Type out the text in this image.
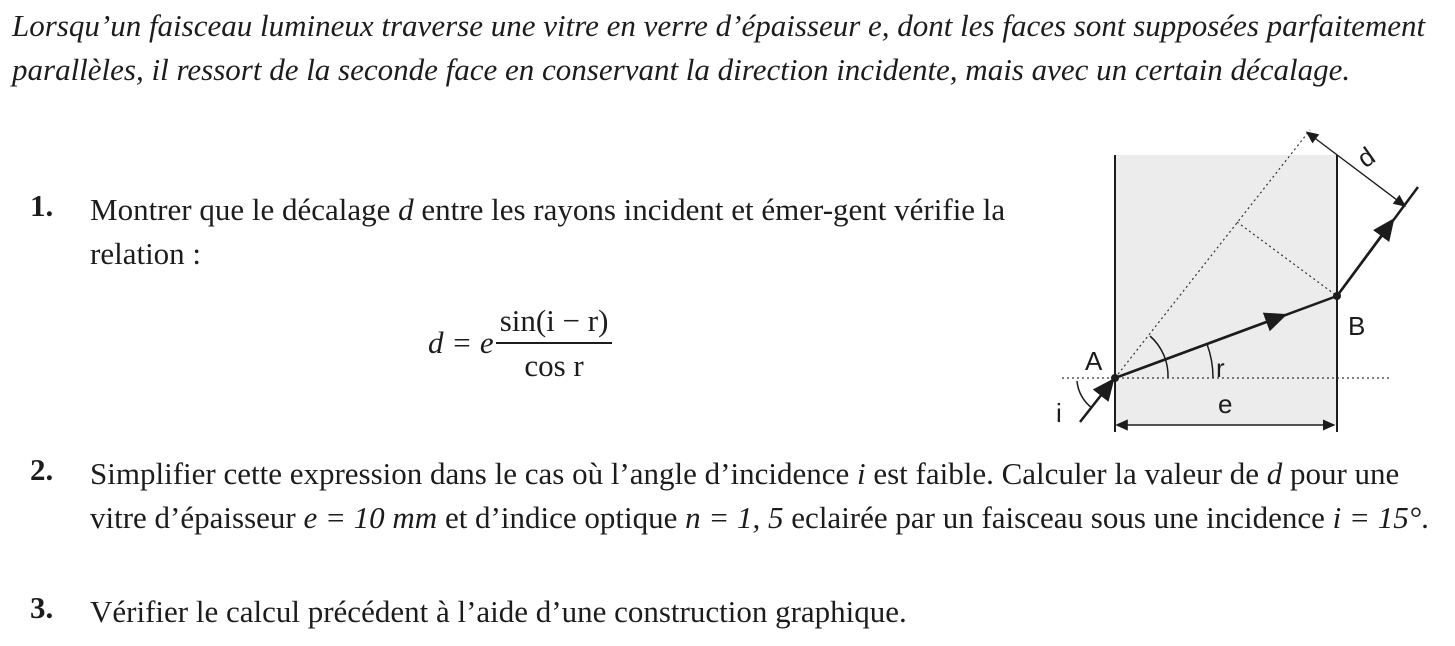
Lorsqu’un faisceau lumineux traverse une vitre en verre d’épaisseur e, dont les faces sont supposées parfaitement parallèles, il ressort de la seconde face en conservant la direction incidente, mais avec un certain décalage.

1. Montrer que le décalage d entre les rayons incident et émer-gent vérifie la relation :

d = e $\frac{\sin(i - r)}{\text{cos r}}$
2. Simplifier cette expression dans le cas où l’angle d’incidence i est faible. Calculer la valeur de d pour une vitre d’épaisseur e = 10 mm et d’indice optique n = 1, 5 eclairée par un faisceau sous une incidence i = 15°.

3. Vérifier le calcul précédent à l’aide d’une construction graphique.

A
B
r
i	e
d
